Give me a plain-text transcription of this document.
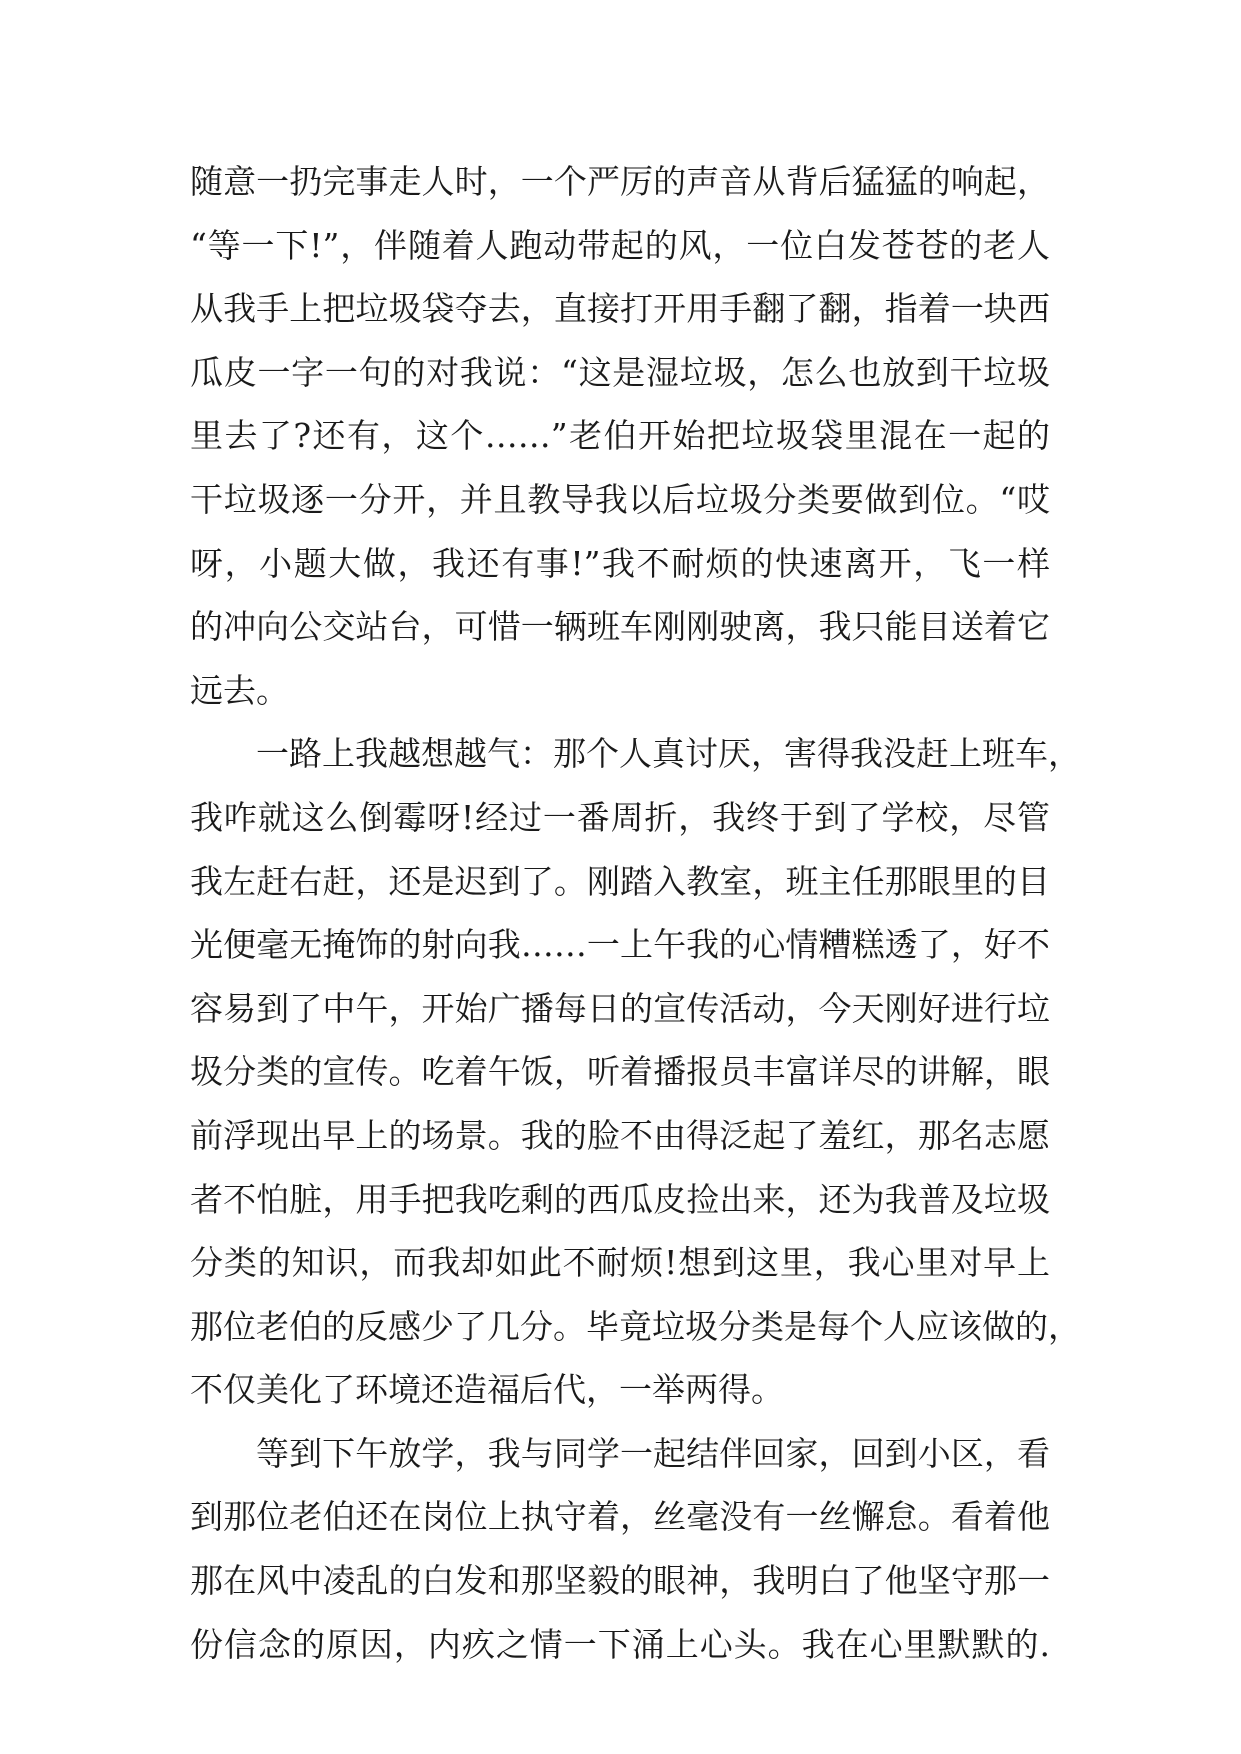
随意一扔完事走人时，一个严厉的声音从背后猛猛的响起，
“等一下!”，伴随着人跑动带起的风，一位白发苍苍的老人
从我手上把垃圾袋夺去，直接打开用手翻了翻，指着一块西
瓜皮一字一句的对我说：“这是湿垃圾，怎么也放到干垃圾
里去了?还有，这个……”老伯开始把垃圾袋里混在一起的
干垃圾逐一分开，并且教导我以后垃圾分类要做到位。“哎
呀，小题大做，我还有事!”我不耐烦的快速离开，飞一样
的冲向公交站台，可惜一辆班车刚刚驶离，我只能目送着它
远去。
一路上我越想越气：那个人真讨厌，害得我没赶上班车，
我咋就这么倒霉呀!经过一番周折，我终于到了学校，尽管
我左赶右赶，还是迟到了。刚踏入教室，班主任那眼里的目
光便毫无掩饰的射向我……一上午我的心情糟糕透了，好不
容易到了中午，开始广播每日的宣传活动，今天刚好进行垃
圾分类的宣传。吃着午饭，听着播报员丰富详尽的讲解，眼
前浮现出早上的场景。我的脸不由得泛起了羞红，那名志愿
者不怕脏，用手把我吃剩的西瓜皮捡出来，还为我普及垃圾
分类的知识，而我却如此不耐烦!想到这里，我心里对早上
那位老伯的反感少了几分。毕竟垃圾分类是每个人应该做的，
不仅美化了环境还造福后代，一举两得。
等到下午放学，我与同学一起结伴回家，回到小区，看
到那位老伯还在岗位上执守着，丝毫没有一丝懈怠。看着他
那在风中凌乱的白发和那坚毅的眼神，我明白了他坚守那一
份信念的原因，内疚之情一下涌上心头。我在心里默默的.
